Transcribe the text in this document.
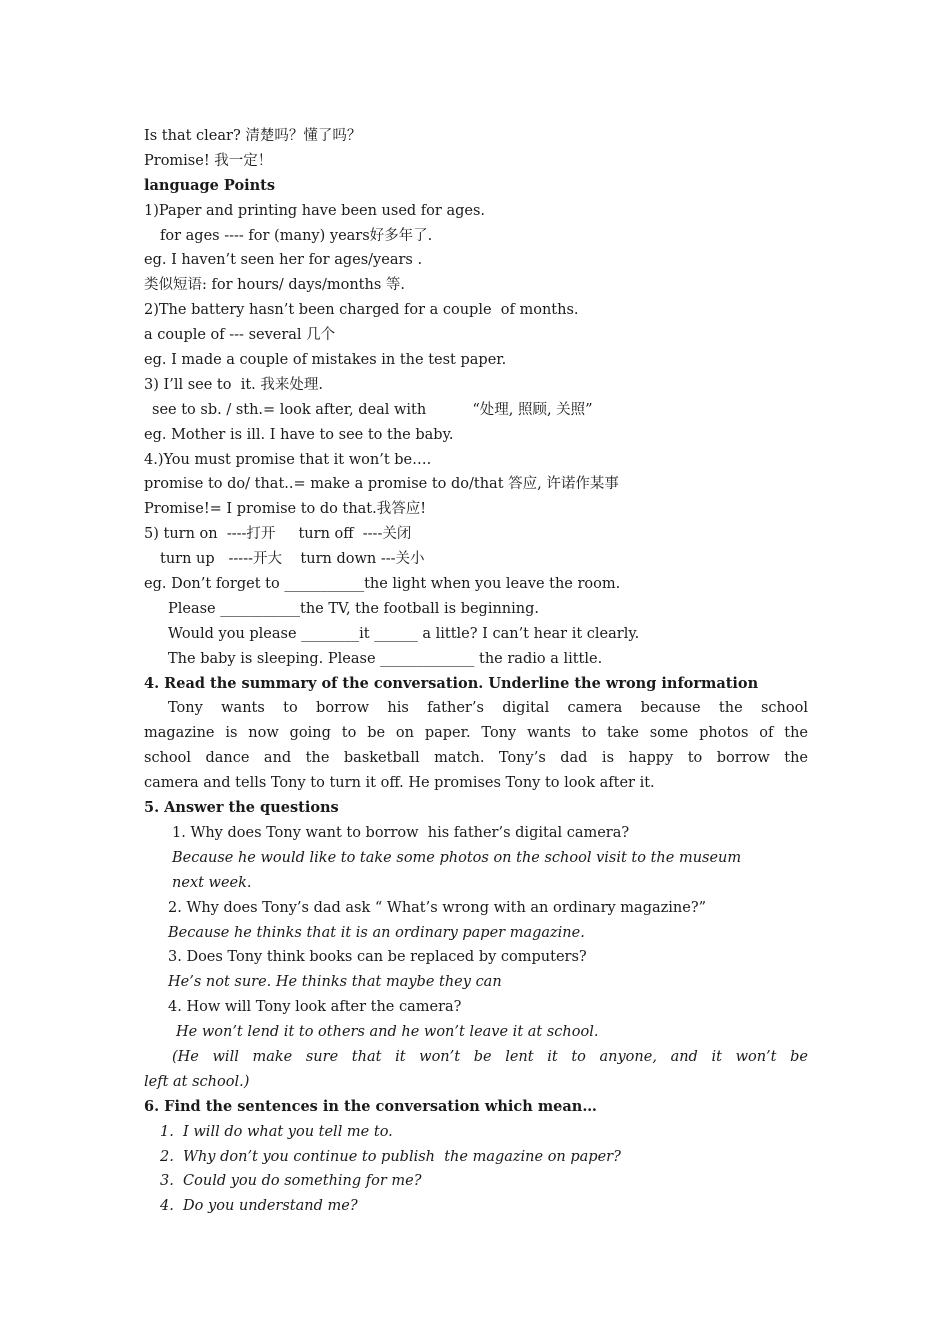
Is that clear? 清楚吗？懂了吗？
Promise! 我一定！
language Points
1)Paper and printing have been used for ages.
for ages ---- for (many) years好多年了.
eg. I haven’t seen her for ages/years .
类似短语: for hours/ days/months 等.
2)The battery hasn’t been charged for a couple  of months.
a couple of --- several 几个
eg. I made a couple of mistakes in the test paper.
3) I’ll see to  it. 我来处理.
see to sb. / sth.= look after, deal with          “处理, 照顾, 关照”
eg. Mother is ill. I have to see to the baby.
4.)You must promise that it won’t be….
promise to do/ that..= make a promise to do/that 答应, 许诺作某事
Promise!= I promise to do that.我答应!
5) turn on  ----打开     turn off  ----关闭
turn up   -----开大    turn down ---关小
eg. Don’t forget to ___________the light when you leave the room.
Please ___________the TV, the football is beginning.
Would you please ________it ______ a little? I can’t hear it clearly.
The baby is sleeping. Please _____________ the radio a little.
4. Read the summary of the conversation. Underline the wrong information
Tony wants to borrow his father’s digital camera because the school
magazine is now going to be on paper. Tony wants to take some photos of the
school dance and the basketball match. Tony’s dad is happy to borrow the
camera and tells Tony to turn it off. He promises Tony to look after it.
5. Answer the questions
1. Why does Tony want to borrow  his father’s digital camera?
Because he would like to take some photos on the school visit to the museum
next week.
2. Why does Tony’s dad ask “ What’s wrong with an ordinary magazine?”
Because he thinks that it is an ordinary paper magazine.
3. Does Tony think books can be replaced by computers?
He’s not sure. He thinks that maybe they can
4. How will Tony look after the camera?
He won’t lend it to others and he won’t leave it at school.
(He will make sure that it won’t be lent it to anyone, and it won’t be
left at school.)
6. Find the sentences in the conversation which mean…
1.  I will do what you tell me to.
2.  Why don’t you continue to publish  the magazine on paper?
3.  Could you do something for me?
4.  Do you understand me?
